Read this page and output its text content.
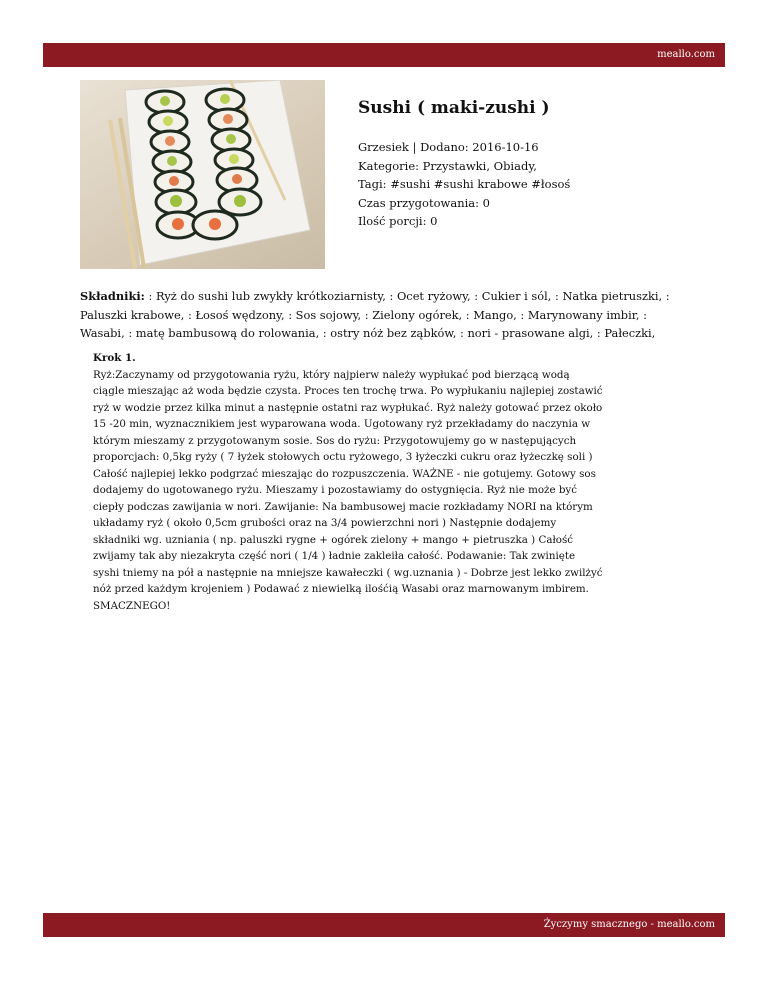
meallo.com
Sushi ( maki-zushi )
Grzesiek | Dodano: 2016-10-16
Kategorie: Przystawki, Obiady,
Tagi: #sushi #sushi krabowe #łosoś
Czas przygotowania: 0
Ilość porcji: 0
Składniki: : Ryż do sushi lub zwykły krótkoziarnisty, : Ocet ryżowy, : Cukier i sól, : Natka pietruszki, : Paluszki krabowe, : Łosoś wędzony, : Sos sojowy, : Zielony ogórek, : Mango, : Marynowany imbir, : Wasabi, : matę bambusową do rolowania, : ostry nóż bez ząbków, : nori - prasowane algi, : Pałeczki,
Krok 1.
Ryż:Zaczynamy od przygotowania ryżu, który najpierw należy wypłukać pod bierzącą wodą ciągle mieszając aż woda będzie czysta. Proces ten trochę trwa. Po wypłukaniu najlepiej zostawić ryż w wodzie przez kilka minut a następnie ostatni raz wypłukać. Ryż należy gotować przez około 15 -20 min, wyznacznikiem jest wyparowana woda. Ugotowany ryż przekładamy do naczynia w którym mieszamy z przygotowanym sosie. Sos do ryżu: Przygotowujemy go w następujących proporcjach: 0,5kg ryży ( 7 łyżek stołowych octu ryżowego, 3 łyżeczki cukru oraz łyżeczkę soli ) Całość najlepiej lekko podgrzać mieszając do rozpuszczenia. WAŻNE - nie gotujemy. Gotowy sos dodajemy do ugotowanego ryżu. Mieszamy i pozostawiamy do ostygnięcia. Ryż nie może być ciepły podczas zawijania w nori. Zawijanie: Na bambusowej macie rozkładamy NORI na którym układamy ryż ( około 0,5cm grubości oraz na 3/4 powierzchni nori ) Następnie dodajemy składniki wg. uzniania ( np. paluszki rygne + ogórek zielony + mango + pietruszka ) Całość zwijamy tak aby niezakryta część nori ( 1/4 ) ładnie zakleiła całość. Podawanie: Tak zwinięte syshi tniemy na pół a następnie na mniejsze kawałeczki ( wg.uznania ) - Dobrze jest lekko zwilżyć nóż przed każdym krojeniem ) Podawać z niewielką ilośćią Wasabi oraz marnowanym imbirem. SMACZNEGO!
Życzymy smacznego - meallo.com
